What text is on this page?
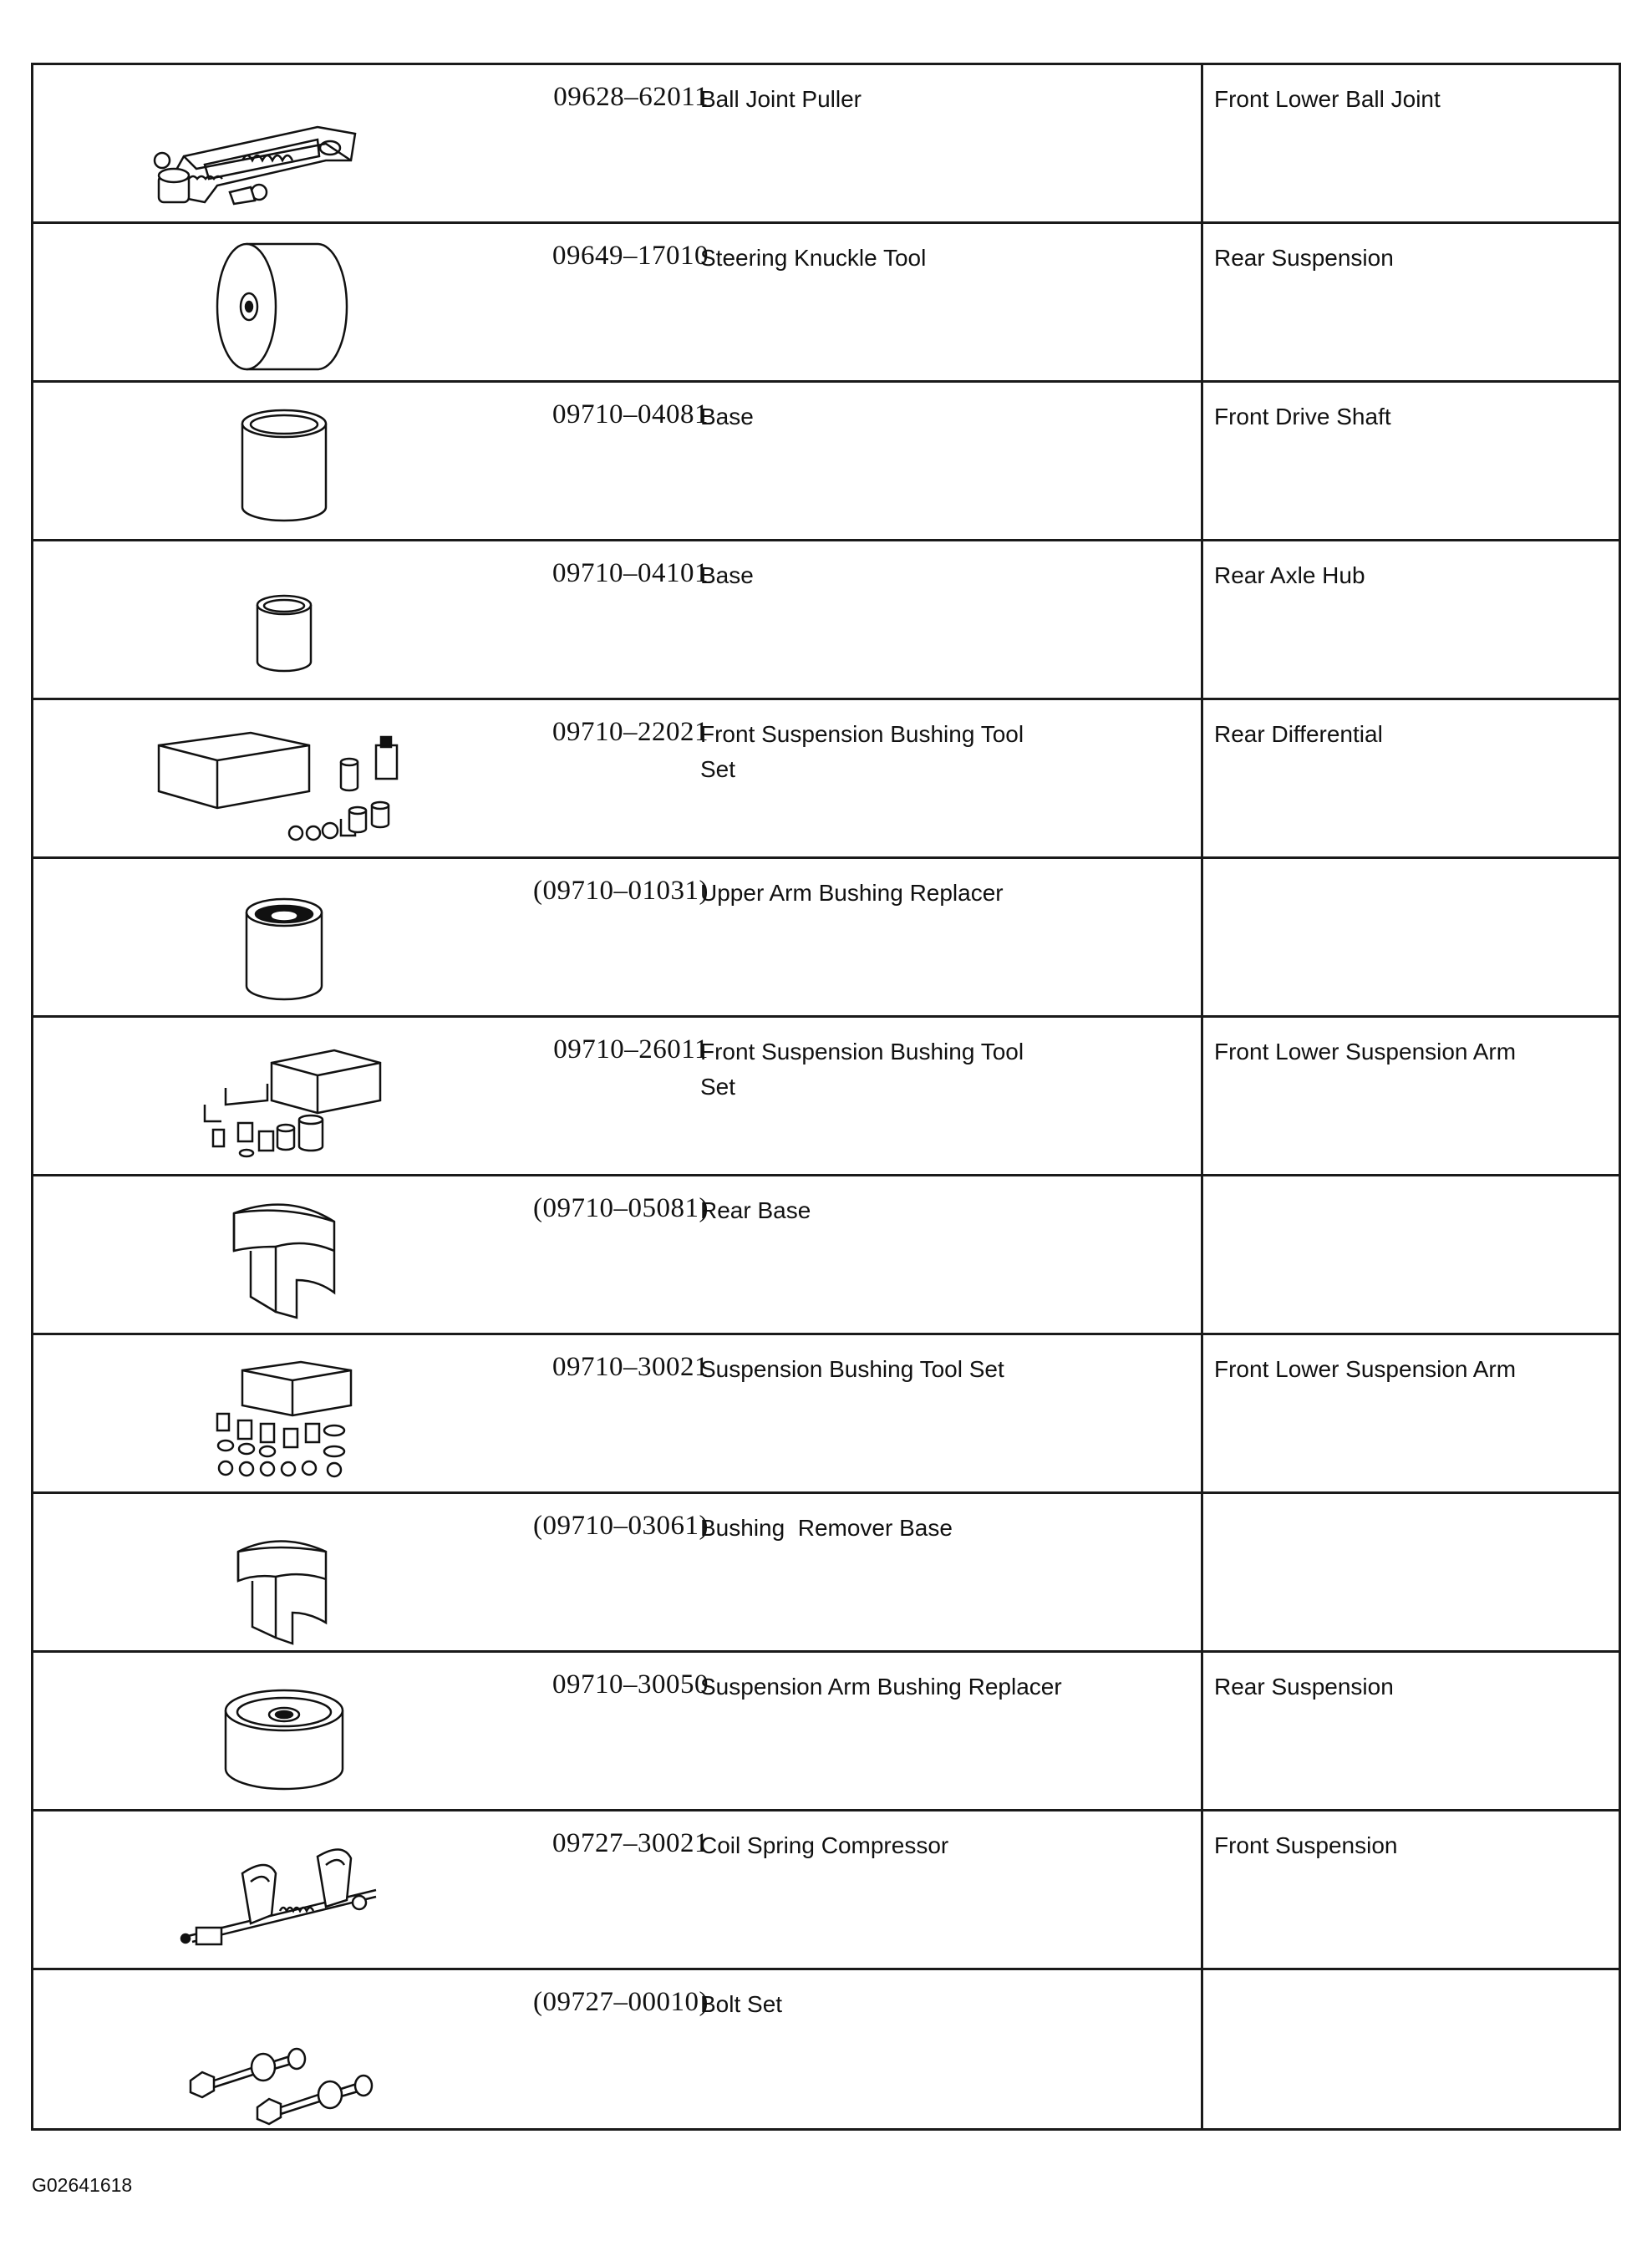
09628–62011
Ball Joint Puller	Front Lower Ball Joint

09649–17010
Steering Knuckle Tool	Rear Suspension

09710–04081
Base	Front Drive Shaft

09710–04101
Base	Rear Axle Hub

09710–22021
Front Suspension Bushing Tool
Set	Rear Differential

(09710–01031)
Upper Arm Bushing Replacer	

09710–26011
Front Suspension Bushing Tool
Set	Front Lower Suspension Arm

(09710–05081)
Rear Base	

09710–30021
Suspension Bushing Tool Set	Front Lower Suspension Arm

(09710–03061)
Bushing  Remover Base	

09710–30050
Suspension Arm Bushing Replacer	Rear Suspension

09727–30021
Coil Spring Compressor	Front Suspension

(09727–00010)
Bolt Set	

G02641618
